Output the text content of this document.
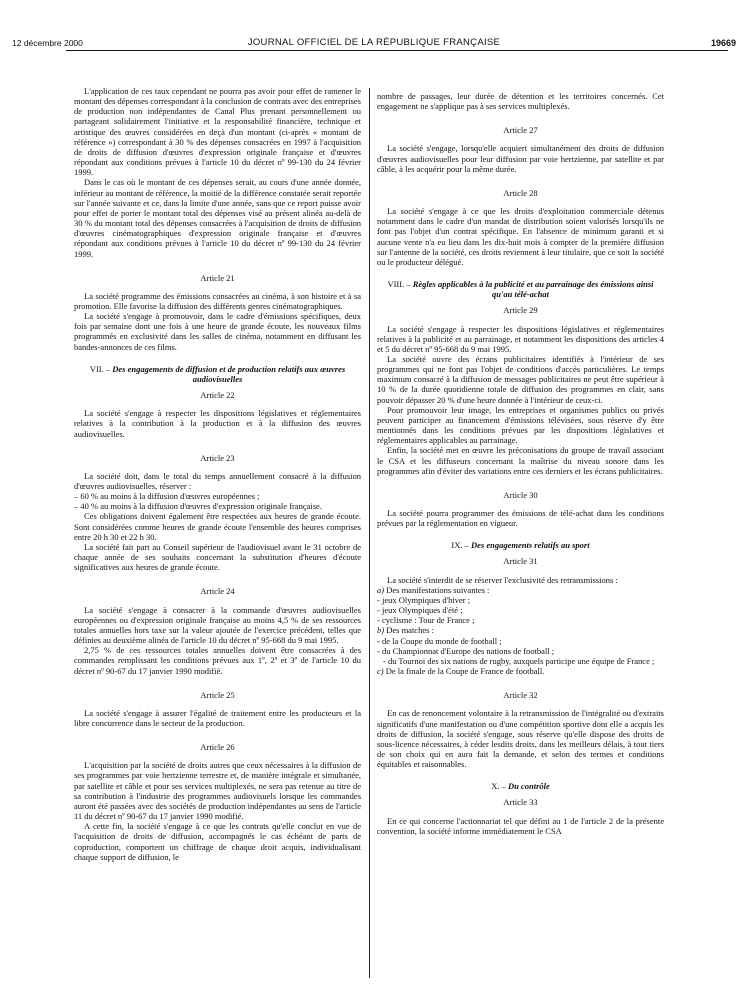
12 décembre 2000	JOURNAL OFFICIEL DE LA RÉPUBLIQUE FRANÇAISE	19669

L'application de ces taux cependant ne pourra pas avoir pour effet de ramener le montant des dépenses correspondant à la conclusion de contrats avec des entreprises de production non indépendantes de Canal Plus prenant personnellement ou partageant solidairement l'initiative et la responsabilité financière, technique et artistique des œuvres considérées en deçà d'un montant (ci-après « montant de référence ») correspondant à 30 % des dépenses consacrées en 1997 à l'acquisition de droits de diffusion d'œuvres d'expression originale française et d'œuvres répondant aux conditions prévues à l'article 10 du décret nº 99-130 du 24 février 1999.

Dans le cas où le montant de ces dépenses serait, au cours d'une année donnée, inférieur au montant de référence, la moitié de la différence constatée serait reportée sur l'année suivante et ce, dans la limite d'une année, sans que ce report puisse avoir pour effet de porter le montant total des dépenses visé au présent alinéa au-delà de 30 % du montant total des dépenses consacrées à l'acquisition de droits de diffusion d'œuvres cinématographiques d'expression originale française et d'œuvres répondant aux conditions prévues à l'article 10 du décret nº 99-130 du 24 février 1999.

Article 21

La société programme des émissions consacrées au cinéma, à son histoire et à sa promotion. Elle favorise la diffusion des différents genres cinématographiques.

La société s'engage à promouvoir, dans le cadre d'émissions spécifiques, deux fois par semaine dont une fois à une heure de grande écoute, les nouveaux films programmés en exclusivité dans les salles de cinéma, notamment en diffusant les bandes-annonces de ces films.

VII. – Des engagements de diffusion et de production relatifs aux œuvres audiovisuelles
Article 22

La société s'engage à respecter les dispositions législatives et réglementaires relatives à la contribution à la production et à la diffusion des œuvres audiovisuelles.

Article 23

La société doit, dans le total du temps annuellement consacré à la diffusion d'œuvres audiovisuelles, réserver :

– 60 % au moins à la diffusion d'œuvres européennes ;

– 40 % au moins à la diffusion d'œuvres d'expression originale française.

Ces obligations doivent également être respectées aux heures de grande écoute. Sont considérées comme heures de grande écoute l'ensemble des heures comprises entre 20 h 30 et 22 h 30.

La société fait part au Conseil supérieur de l'audiovisuel avant le 31 octobre de chaque année de ses souhaits concernant la substitution d'heures d'écoute significatives aux heures de grande écoute.

Article 24

La société s'engage à consacrer à la commande d'œuvres audiovisuelles européennes ou d'expression originale française au moins 4,5 % de ses ressources totales annuelles hors taxe sur la valeur ajoutée de l'exercice précédent, telles que définies au deuxième alinéa de l'article 10 du décret nº 95-668 du 9 mai 1995.

2,75 % de ces ressources totales annuelles doivent être consacrées à des commandes remplissant les conditions prévues aux 1º, 2º et 3º de l'article 10 du décret nº 90-67 du 17 janvier 1990 modifié.

Article 25

La société s'engage à assurer l'égalité de traitement entre les producteurs et la libre concurrence dans le secteur de la production.

Article 26

L'acquisition par la société de droits autres que ceux nécessaires à la diffusion de ses programmes par voie hertzienne terrestre et, de manière intégrale et simultanée, par satellite et câble et pour ses services multiplexés, ne sera pas retenue au titre de sa contribution à l'industrie des programmes audiovisuels lorsque les commandes auront été passées avec des sociétés de production indépendantes au sens de l'article 11 du décret nº 90-67 du 17 janvier 1990 modifié.

A cette fin, la société s'engage à ce que les contrats qu'elle conclut en vue de l'acquisition de droits de diffusion, accompagnés le cas échéant de parts de coproduction, comportent un chiffrage de chaque droit acquis, individualisant chaque support de diffusion, le

nombre de passages, leur durée de détention et les territoires concernés. Cet engagement ne s'applique pas à ses services multiplexés.

Article 27

La société s'engage, lorsqu'elle acquiert simultanément des droits de diffusion d'œuvres audiovisuelles pour leur diffusion par voie hertzienne, par satellite et par câble, à les acquérir pour la même durée.

Article 28

La société s'engage à ce que les droits d'exploitation commerciale détenus notamment dans le cadre d'un mandat de distribution soient valorisés lorsqu'ils ne font pas l'objet d'un contrat spécifique. En l'absence de minimum garanti et si aucune vente n'a eu lieu dans les dix-huit mois à compter de la première diffusion sur l'antenne de la société, ces droits reviennent à leur titulaire, que ce soit la société ou le producteur délégué.

VIII. – Règles applicables à la publicité et au parrainage des émissions ainsi qu'au télé-achat
Article 29

La société s'engage à respecter les dispositions législatives et réglementaires relatives à la publicité et au parrainage, et notamment les dispositions des articles 4 et 5 du décret nº 95-668 du 9 mai 1995.

La société ouvre des écrans publicitaires identifiés à l'intérieur de ses programmes qui ne font pas l'objet de conditions d'accès particulières. Le temps maximum consacré à la diffusion de messages publicitaires ne peut être supérieur à 10 % de la durée quotidienne totale de diffusion des programmes en clair, sans pouvoir dépasser 20 % d'une heure donnée à l'intérieur de ceux-ci.

Pour promouvoir leur image, les entreprises et organismes publics ou privés peuvent participer au financement d'émissions télévisées, sous réserve d'y être mentionnés dans les conditions prévues par les dispositions législatives et réglementaires applicables au parrainage.

Enfin, la société met en œuvre les préconisations du groupe de travail associant le CSA et les diffuseurs concernant la maîtrise du niveau sonore dans les programmes afin d'éviter des variations entre ces derniers et les écrans publicitaires.

Article 30

La société pourra programmer des émissions de télé-achat dans les conditions prévues par la réglementation en vigueur.

IX. – Des engagements relatifs au sport
Article 31

La société s'interdit de se réserver l'exclusivité des retransmissions :

a) Des manifestations suivantes :

- jeux Olympiques d'hiver ;

- jeux Olympiques d'été ;

- cyclisme : Tour de France ;

b) Des matches :

- de la Coupe du monde de football ;

- du Championnat d'Europe des nations de football ;

- du Tournoi des six nations de rugby, auxquels participe une équipe de France ;

c) De la finale de la Coupe de France de football.

Article 32

En cas de renoncement volontaire à la retransmission de l'intégralité ou d'extraits significatifs d'une manifestation ou d'une compétition sportive dont elle a acquis les droits de diffusion, la société s'engage, sous réserve qu'elle dispose des droits de sous-licence nécessaires, à céder lesdits droits, dans les meilleurs délais, à tout tiers de son choix qui en aura fait la demande, et selon des termes et conditions équitables et raisonnables.

X. – Du contrôle
Article 33

En ce qui concerne l'actionnariat tel que défini au 1 de l'article 2 de la présente convention, la société informe immédiatement le CSA
